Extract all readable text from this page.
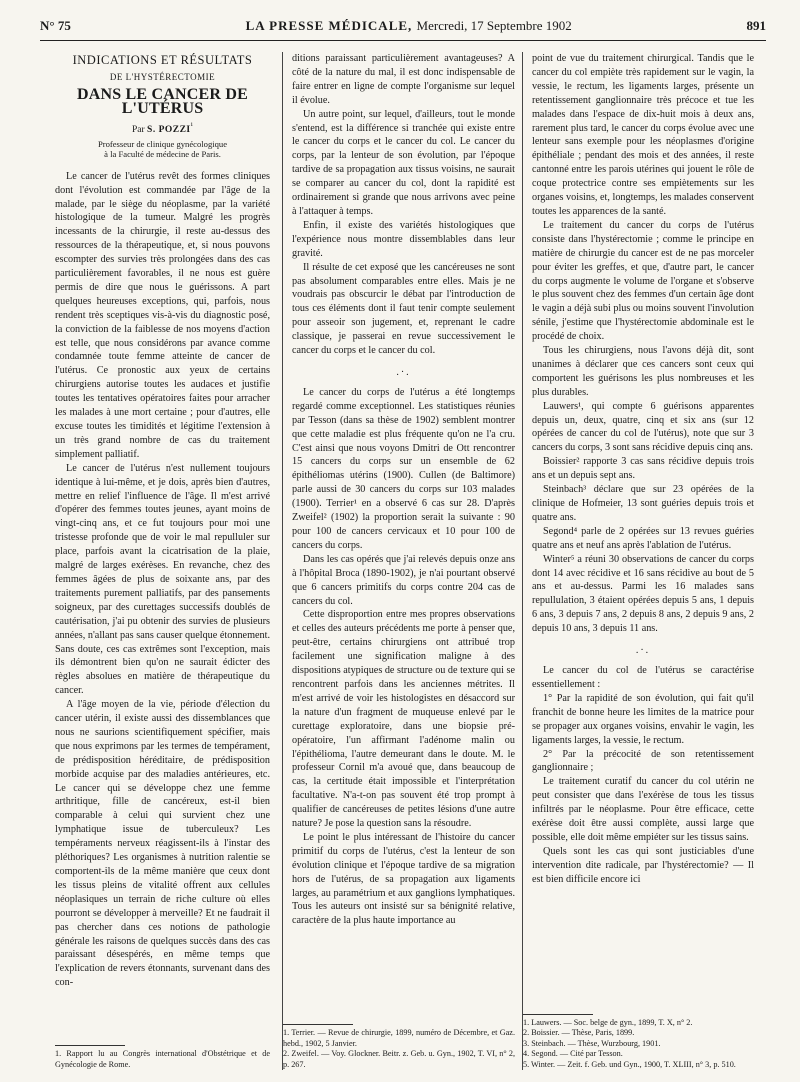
N° 75	LA PRESSE MÉDICALE, Mercredi, 17 Septembre 1902	891
INDICATIONS ET RÉSULTATS
DE L'HYSTÉRECTOMIE
DANS LE CANCER DE L'UTÉRUS
Par S. $POZZI^{^1}$
Professeur de clinique gynécologique
à la Faculté de médecine de Paris.

Le cancer de l'utérus revêt des formes cliniques dont l'évolution est commandée par l'âge de la malade, par le siège du néoplasme, par la variété histologique de la tumeur. Malgré les progrès incessants de la chirurgie, il reste au-dessus des ressources de la thérapeutique, et, si nous pouvons escompter des survies très prolongées dans des cas particulièrement favorables, il ne nous est guère permis de dire que nous le guérissons. A part quelques heureuses exceptions, qui, parfois, nous rendent très sceptiques vis-à-vis du diagnostic posé, la conviction de la faiblesse de nos moyens d'action est telle, que nous considérons par avance comme condamnée toute femme atteinte de cancer de l'utérus. Ce pronostic aux yeux de certains chirurgiens autorise toutes les audaces et justifie toutes les tentatives opératoires faites pour arracher les malades à une mort certaine ; pour d'autres, elle excuse toutes les timidités et légitime l'extension à un très grand nombre de cas du traitement simplement palliatif.

Le cancer de l'utérus n'est nullement toujours identique à lui-même, et je dois, après bien d'autres, mettre en relief l'influence de l'âge. Il m'est arrivé d'opérer des femmes toutes jeunes, ayant moins de vingt-cinq ans, et ce fut toujours pour moi une tristesse profonde que de voir le mal repulluler sur place, parfois avant la cicatrisation de la plaie, malgré de larges exérèses. En revanche, chez des femmes âgées de plus de soixante ans, par des traitements purement palliatifs, par des pansements soigneux, par des curettages successifs doublés de cautérisation, j'ai pu obtenir des survies de plusieurs années, n'allant pas sans causer quelque étonnement. Sans doute, ces cas extrêmes sont l'exception, mais ils démontrent bien qu'on ne saurait édicter des règles absolues en matière de thérapeutique du cancer.

A l'âge moyen de la vie, période d'élection du cancer utérin, il existe aussi des dissemblances que nous ne saurions scientifiquement spécifier, mais que nous exprimons par les termes de tempérament, de prédisposition héréditaire, de prédisposition morbide acquise par des maladies antérieures, etc. Le cancer qui se développe chez une femme arthritique, fille de cancéreux, est-il bien comparable à celui qui survient chez une lymphatique issue de tuberculeux? Les tempéraments nerveux réagissent-ils à l'instar des pléthoriques? Les organismes à nutrition ralentie se comportent-ils de la même manière que ceux dont les tissus pleins de vitalité offrent aux cellules néoplasiques un terrain de riche culture où elles pourront se développer à merveille? Et ne faudrait il pas chercher dans ces notions de pathologie générale les raisons de quelques succès dans des cas paraissant désespérés, en même temps que l'explication de revers étonnants, survenant dans des con-

1. Rapport lu au Congrès international d'Obstétrique et de Gynécologie de Rome.

ditions paraissant particulièrement avantageuses? A côté de la nature du mal, il est donc indispensable de faire entrer en ligne de compte l'organisme sur lequel il évolue.

Un autre point, sur lequel, d'ailleurs, tout le monde s'entend, est la différence si tranchée qui existe entre le cancer du corps et le cancer du col. Le cancer du corps, par la lenteur de son évolution, par l'époque tardive de sa propagation aux tissus voisins, ne saurait se comparer au cancer du col, dont la rapidité est ordinairement si grande que nous arrivons avec peine à l'attaquer à temps.

Enfin, il existe des variétés histologiques que l'expérience nous montre dissemblables dans leur gravité.

Il résulte de cet exposé que les cancéreuses ne sont pas absolument comparables entre elles. Mais je ne voudrais pas obscurcir le débat par l'introduction de tous ces éléments dont il faut tenir compte seulement pour asseoir son jugement, et, reprenant le cadre classique, je passerai en revue successivement le cancer du corps et le cancer du col.

.·.

Le cancer du corps de l'utérus a été longtemps regardé comme exceptionnel. Les statistiques réunies par Tesson (dans sa thèse de 1902) semblent montrer que cette maladie est plus fréquente qu'on ne l'a cru. C'est ainsi que nous voyons Dmitri de Ott rencontrer 15 cancers du corps sur un ensemble de 62 épithéliomas utérins (1900). Cullen (de Baltimore) parle aussi de 30 cancers du corps sur 103 malades (1900). Terrier¹ en a observé 6 cas sur 28. D'après Zweifel² (1902) la proportion serait la suivante : 90 pour 100 de cancers cervicaux et 10 pour 100 de cancers du corps.

Dans les cas opérés que j'ai relevés depuis onze ans à l'hôpital Broca (1890-1902), je n'ai pourtant observé que 6 cancers primitifs du corps contre 204 cas de cancers du col.

Cette disproportion entre mes propres observations et celles des auteurs précédents me porte à penser que, peut-être, certains chirurgiens ont attribué trop facilement une signification maligne à des dispositions atypiques de structure ou de texture qui se rencontrent parfois dans les anciennes métrites. Il m'est arrivé de voir les histologistes en désaccord sur la nature d'un fragment de muqueuse enlevé par le curettage exploratoire, dans une biopsie pré-opératoire, l'un affirmant l'adénome malin ou l'épithélioma, l'autre demeurant dans le doute. M. le professeur Cornil m'a avoué que, dans beaucoup de cas, la certitude était impossible et l'interprétation facultative. N'a-t-on pas souvent été trop prompt à qualifier de cancéreuses de petites lésions d'une autre nature? Je pose la question sans la résoudre.

Le point le plus intéressant de l'histoire du cancer primitif du corps de l'utérus, c'est la lenteur de son évolution clinique et l'époque tardive de sa migration hors de l'utérus, de sa propagation aux ligaments larges, au paramétrium et aux ganglions lymphatiques. Tous les auteurs ont insisté sur sa bénignité relative, caractère de la plus haute importance au

1. Terrier. — Revue de chirurgie, 1899, numéro de Décembre, et Gaz. hebd., 1902, 5 Janvier.

2. Zweifel. — Voy. Glockner. Beitr. z. Geb. u. Gyn., 1902, T. VI, n° 2, p. 267.

point de vue du traitement chirurgical. Tandis que le cancer du col empiète très rapidement sur le vagin, la vessie, le rectum, les ligaments larges, présente un retentissement ganglionnaire très précoce et tue les malades dans l'espace de dix-huit mois à deux ans, rarement plus tard, le cancer du corps évolue avec une lenteur sans exemple pour les néoplasmes d'origine épithéliale ; pendant des mois et des années, il reste cantonné entre les parois utérines qui jouent le rôle de coque protectrice contre ses empiètements sur les organes voisins, et, longtemps, les malades conservent toutes les apparences de la santé.

Le traitement du cancer du corps de l'utérus consiste dans l'hystérectomie ; comme le principe en matière de chirurgie du cancer est de ne pas morceler pour éviter les greffes, et que, d'autre part, le cancer du corps augmente le volume de l'organe et s'observe le plus souvent chez des femmes d'un certain âge dont le vagin a déjà subi plus ou moins souvent l'involution sénile, j'estime que l'hystérectomie abdominale est le procédé de choix.

Tous les chirurgiens, nous l'avons déjà dit, sont unanimes à déclarer que ces cancers sont ceux qui comportent les guérisons les plus nombreuses et les plus durables.

Lauwers¹, qui compte 6 guérisons apparentes depuis un, deux, quatre, cinq et six ans (sur 12 opérées de cancer du col de l'utérus), note que sur 3 cancers du corps, 3 sont sans récidive depuis cinq ans.

Boissier² rapporte 3 cas sans récidive depuis trois ans et un depuis sept ans.

Steinbach³ déclare que sur 23 opérées de la clinique de Hofmeier, 13 sont guéries depuis trois et quatre ans.

Segond⁴ parle de 2 opérées sur 13 revues guéries quatre ans et neuf ans après l'ablation de l'utérus.

Winter⁵ a réuni 30 observations de cancer du corps dont 14 avec récidive et 16 sans récidive au bout de 5 ans et au-dessus. Parmi les 16 malades sans repullulation, 3 étaient opérées depuis 5 ans, 1 depuis 6 ans, 3 depuis 7 ans, 2 depuis 8 ans, 2 depuis 9 ans, 2 depuis 10 ans, 3 depuis 11 ans.

.·.

Le cancer du col de l'utérus se caractérise essentiellement :

1° Par la rapidité de son évolution, qui fait qu'il franchit de bonne heure les limites de la matrice pour se propager aux organes voisins, envahir le vagin, les ligaments larges, la vessie, le rectum.

2° Par la précocité de son retentissement ganglionnaire ;

Le traitement curatif du cancer du col utérin ne peut consister que dans l'exérèse de tous les tissus infiltrés par le néoplasme. Pour être efficace, cette exérèse doit être aussi complète, aussi large que possible, elle doit même empiéter sur les tissus sains.

Quels sont les cas qui sont justiciables d'une intervention dite radicale, par l'hystérectomie? — Il est bien difficile encore ici

1. Lauwers. — Soc. belge de gyn., 1899, T. X, n° 2.

2. Boissier. — Thèse, Paris, 1899.

3. Steinbach. — Thèse, Wurzbourg, 1901.

4. Segond. — Cité par Tesson.

5. Winter. — Zeit. f. Geb. und Gyn., 1900, T. XLIII, n° 3, p. 510.
